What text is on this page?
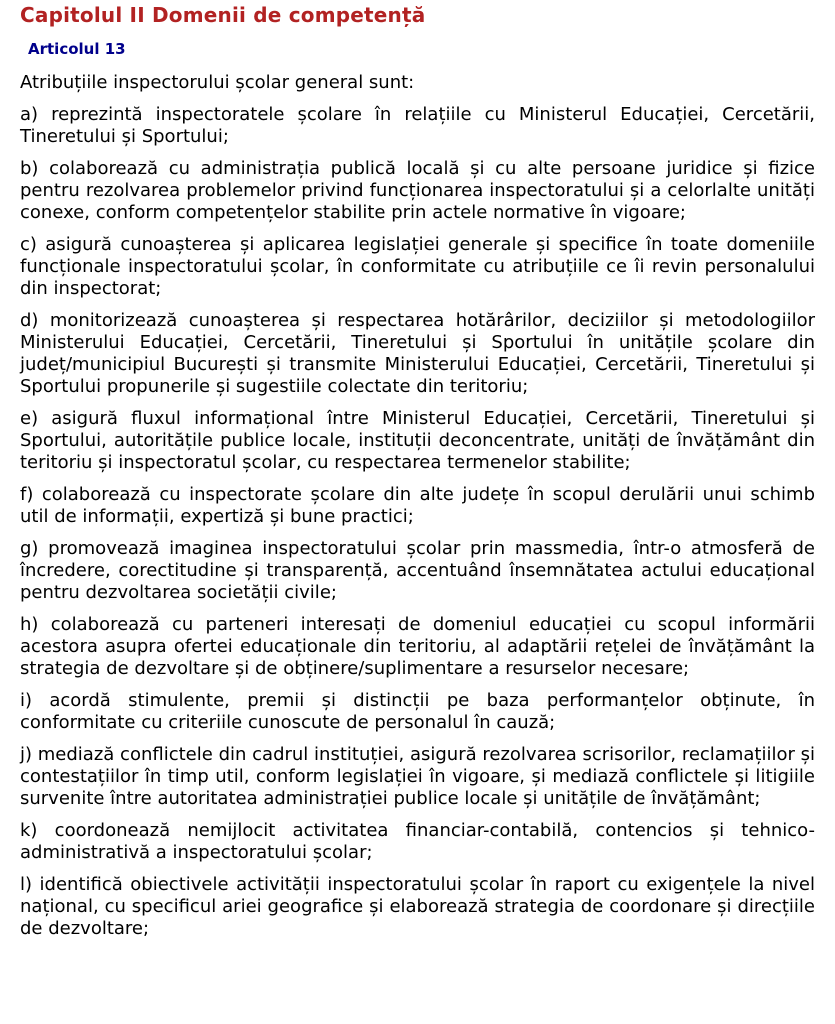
Capitolul II Domenii de competență
Articolul 13

Atribuțiile inspectorului școlar general sunt:

a) reprezintă inspectoratele școlare în relațiile cu Ministerul Educației, Cercetării, Tineretului și Sportului;

b) colaborează cu administrația publică locală și cu alte persoane juridice și fizice pentru rezolvarea problemelor privind funcționarea inspectoratului și a celorlalte unități conexe, conform competențelor stabilite prin actele normative în vigoare;

c) asigură cunoașterea și aplicarea legislației generale și specifice în toate domeniile funcționale inspectoratului școlar, în conformitate cu atribuțiile ce îi revin personalului din inspectorat;

d) monitorizează cunoașterea și respectarea hotărârilor, deciziilor și metodologiilor Ministerului Educației, Cercetării, Tineretului și Sportului în unitățile școlare din județ/municipiul București și transmite Ministerului Educației, Cercetării, Tineretului și Sportului propunerile și sugestiile colectate din teritoriu;

e) asigură fluxul informațional între Ministerul Educației, Cercetării, Tineretului și Sportului, autoritățile publice locale, instituții deconcentrate, unități de învățământ din teritoriu și inspectoratul școlar, cu respectarea termenelor stabilite;

f) colaborează cu inspectorate școlare din alte județe în scopul derulării unui schimb util de informații, expertiză și bune practici;

g) promovează imaginea inspectoratului școlar prin massmedia, într-o atmosferă de încredere, corectitudine și transparență, accentuând însemnătatea actului educațional pentru dezvoltarea societății civile;

h) colaborează cu parteneri interesați de domeniul educației cu scopul informării acestora asupra ofertei educaționale din teritoriu, al adaptării rețelei de învățământ la strategia de dezvoltare și de obținere/suplimentare a resurselor necesare;

i) acordă stimulente, premii și distincții pe baza performanțelor obținute, în conformitate cu criteriile cunoscute de personalul în cauză;

j) mediază conflictele din cadrul instituției, asigură rezolvarea scrisorilor, reclamațiilor și contestațiilor în timp util, conform legislației în vigoare, și mediază conflictele și litigiile survenite între autoritatea administrației publice locale și unitățile de învățământ;

k) coordonează nemijlocit activitatea financiar-contabilă, contencios și tehnico-administrativă a inspectoratului școlar;

l) identifică obiectivele activității inspectoratului școlar în raport cu exigențele la nivel național, cu specificul ariei geografice și elaborează strategia de coordonare și direcțiile de dezvoltare;
